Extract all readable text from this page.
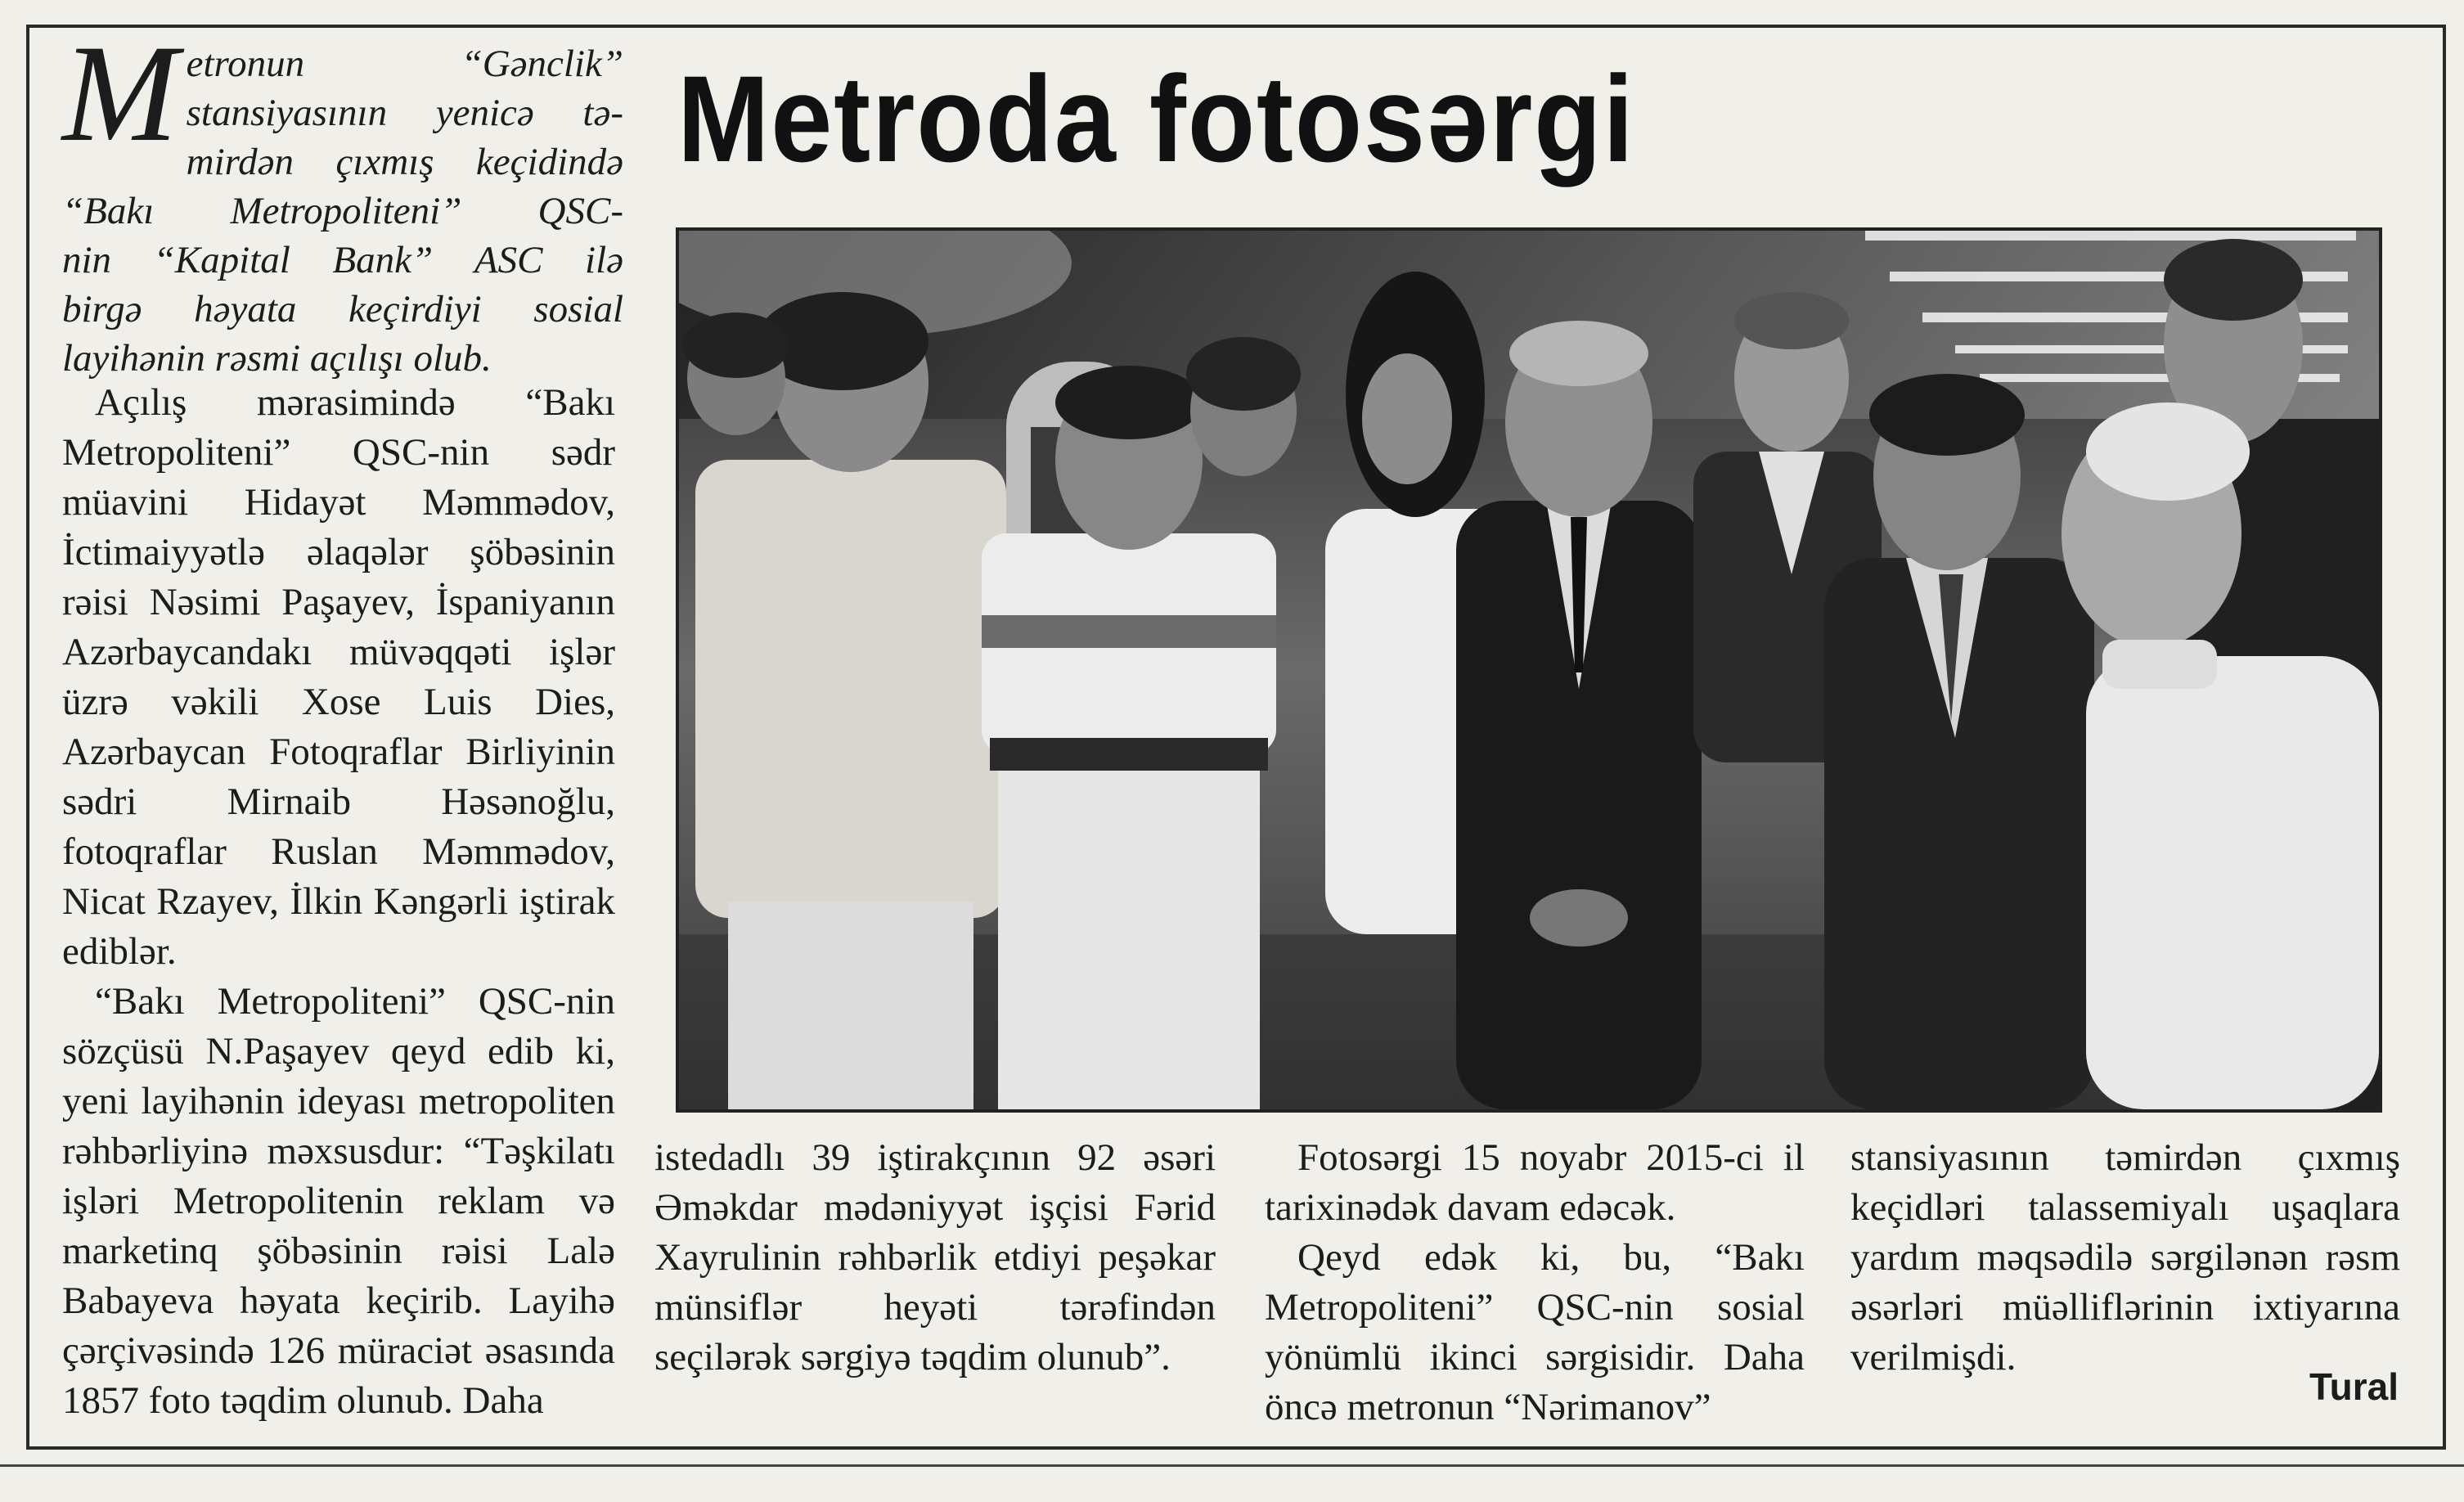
M etronun “Gənclik”
stansiyasının yenicə tə-
mirdən çıxmış keçidində
“Bakı Metropoliteni” QSC-
nin “Kapital Bank” ASC ilə
birgə həyata keçirdiyi sosial
layihənin rəsmi açılışı olub.
Metroda fotosərgi

Açılış mərasimində “Bakı Metropoliteni” QSC-nin sədr müavini Hidayət Məmmədov, İctimaiyyətlə əlaqələr şöbəsinin rəisi Nəsimi Paşayev, İspaniyanın Azərbaycandakı müvəqqəti işlər üzrə vəkili Xose Luis Dies, Azərbaycan Fotoqraflar Birliyinin sədri Mirnaib Həsənoğlu, fotoqraflar Ruslan Məmmədov, Nicat Rzayev, İlkin Kəngərli iştirak ediblər.

“Bakı Metropoliteni” QSC-nin sözçüsü N.Paşayev qeyd edib ki, yeni layihənin ideyası metropoliten rəhbərliyinə məxsusdur: “Təşkilatı işləri Metropolitenin reklam və marketinq şöbəsinin rəisi Lalə Babayeva həyata keçirib. Layihə çərçivəsində 126 müraciət əsasında 1857 foto təqdim olunub. Daha

istedadlı 39 iştirakçının 92 əsəri Əməkdar mədəniyyət işçisi Fərid Xayrulinin rəhbərlik etdiyi peşəkar münsiflər heyəti tərəfindən seçilərək sərgiyə təqdim olunub”.

Fotosərgi 15 noyabr 2015-ci il tarixinədək davam edəcək.

Qeyd edək ki, bu, “Bakı Metropoliteni” QSC-nin sosial yönümlü ikinci sərgisidir. Daha öncə metronun “Nərimanov”

stansiyasının təmirdən çıxmış keçidləri talassemiyalı uşaqlara yardım məqsədilə sərgilənən rəsm əsərləri müəlliflərinin ixtiyarına verilmişdi.

Tural
